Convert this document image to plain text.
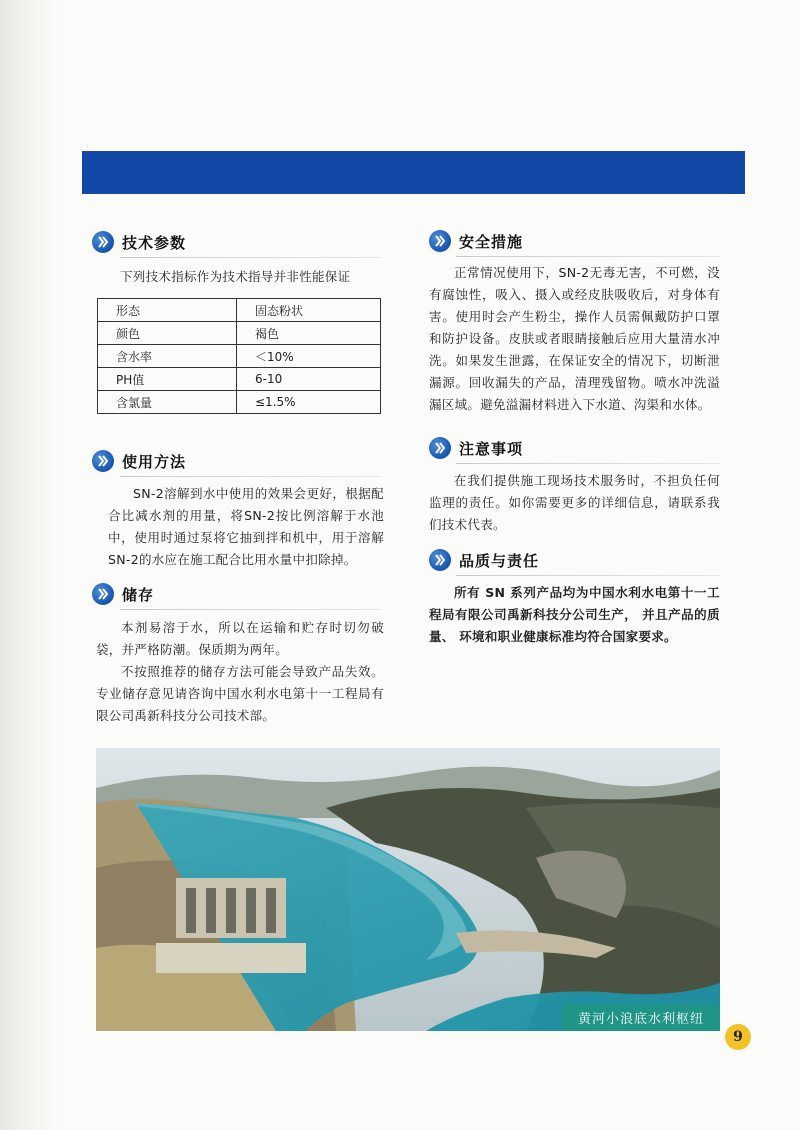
技术参数
下列技术指标作为技术指导并非性能保证
形态	固态粉状
颜色	褐色
含水率	＜10%
PH值	6-10
含氯量	≤1.5%
使用方法

SN-2溶解到水中使用的效果会更好，根据配合比减水剂的用量，将SN-2按比例溶解于水池中，使用时通过泵将它抽到拌和机中，用于溶解SN-2的水应在施工配合比用水量中扣除掉。

储存

本剂易溶于水，所以在运输和贮存时切勿破袋，并严格防潮。保质期为两年。

不按照推荐的储存方法可能会导致产品失效。 专业储存意见请咨询中国水利水电第十一工程局有限公司禹新科技分公司技术部。

安全措施

正常情况使用下，SN-2无毒无害，不可燃，没有腐蚀性，吸入、摄入或经皮肤吸收后，对身体有害。使用时会产生粉尘，操作人员需佩戴防护口罩和防护设备。皮肤或者眼睛接触后应用大量清水冲洗。如果发生泄露，在保证安全的情况下，切断泄漏源。回收漏失的产品，清理残留物。喷水冲洗溢漏区域。避免溢漏材料进入下水道、沟渠和水体。

注意事项

在我们提供施工现场技术服务时，不担负任何监理的责任。如你需要更多的详细信息，请联系我们技术代表。

品质与责任

所有 SN 系列产品均为中国水利水电第十一工程局有限公司禹新科技分公司生产， 并且产品的质量、 环境和职业健康标准均符合国家要求。

黄河小浪底水利枢纽
9
